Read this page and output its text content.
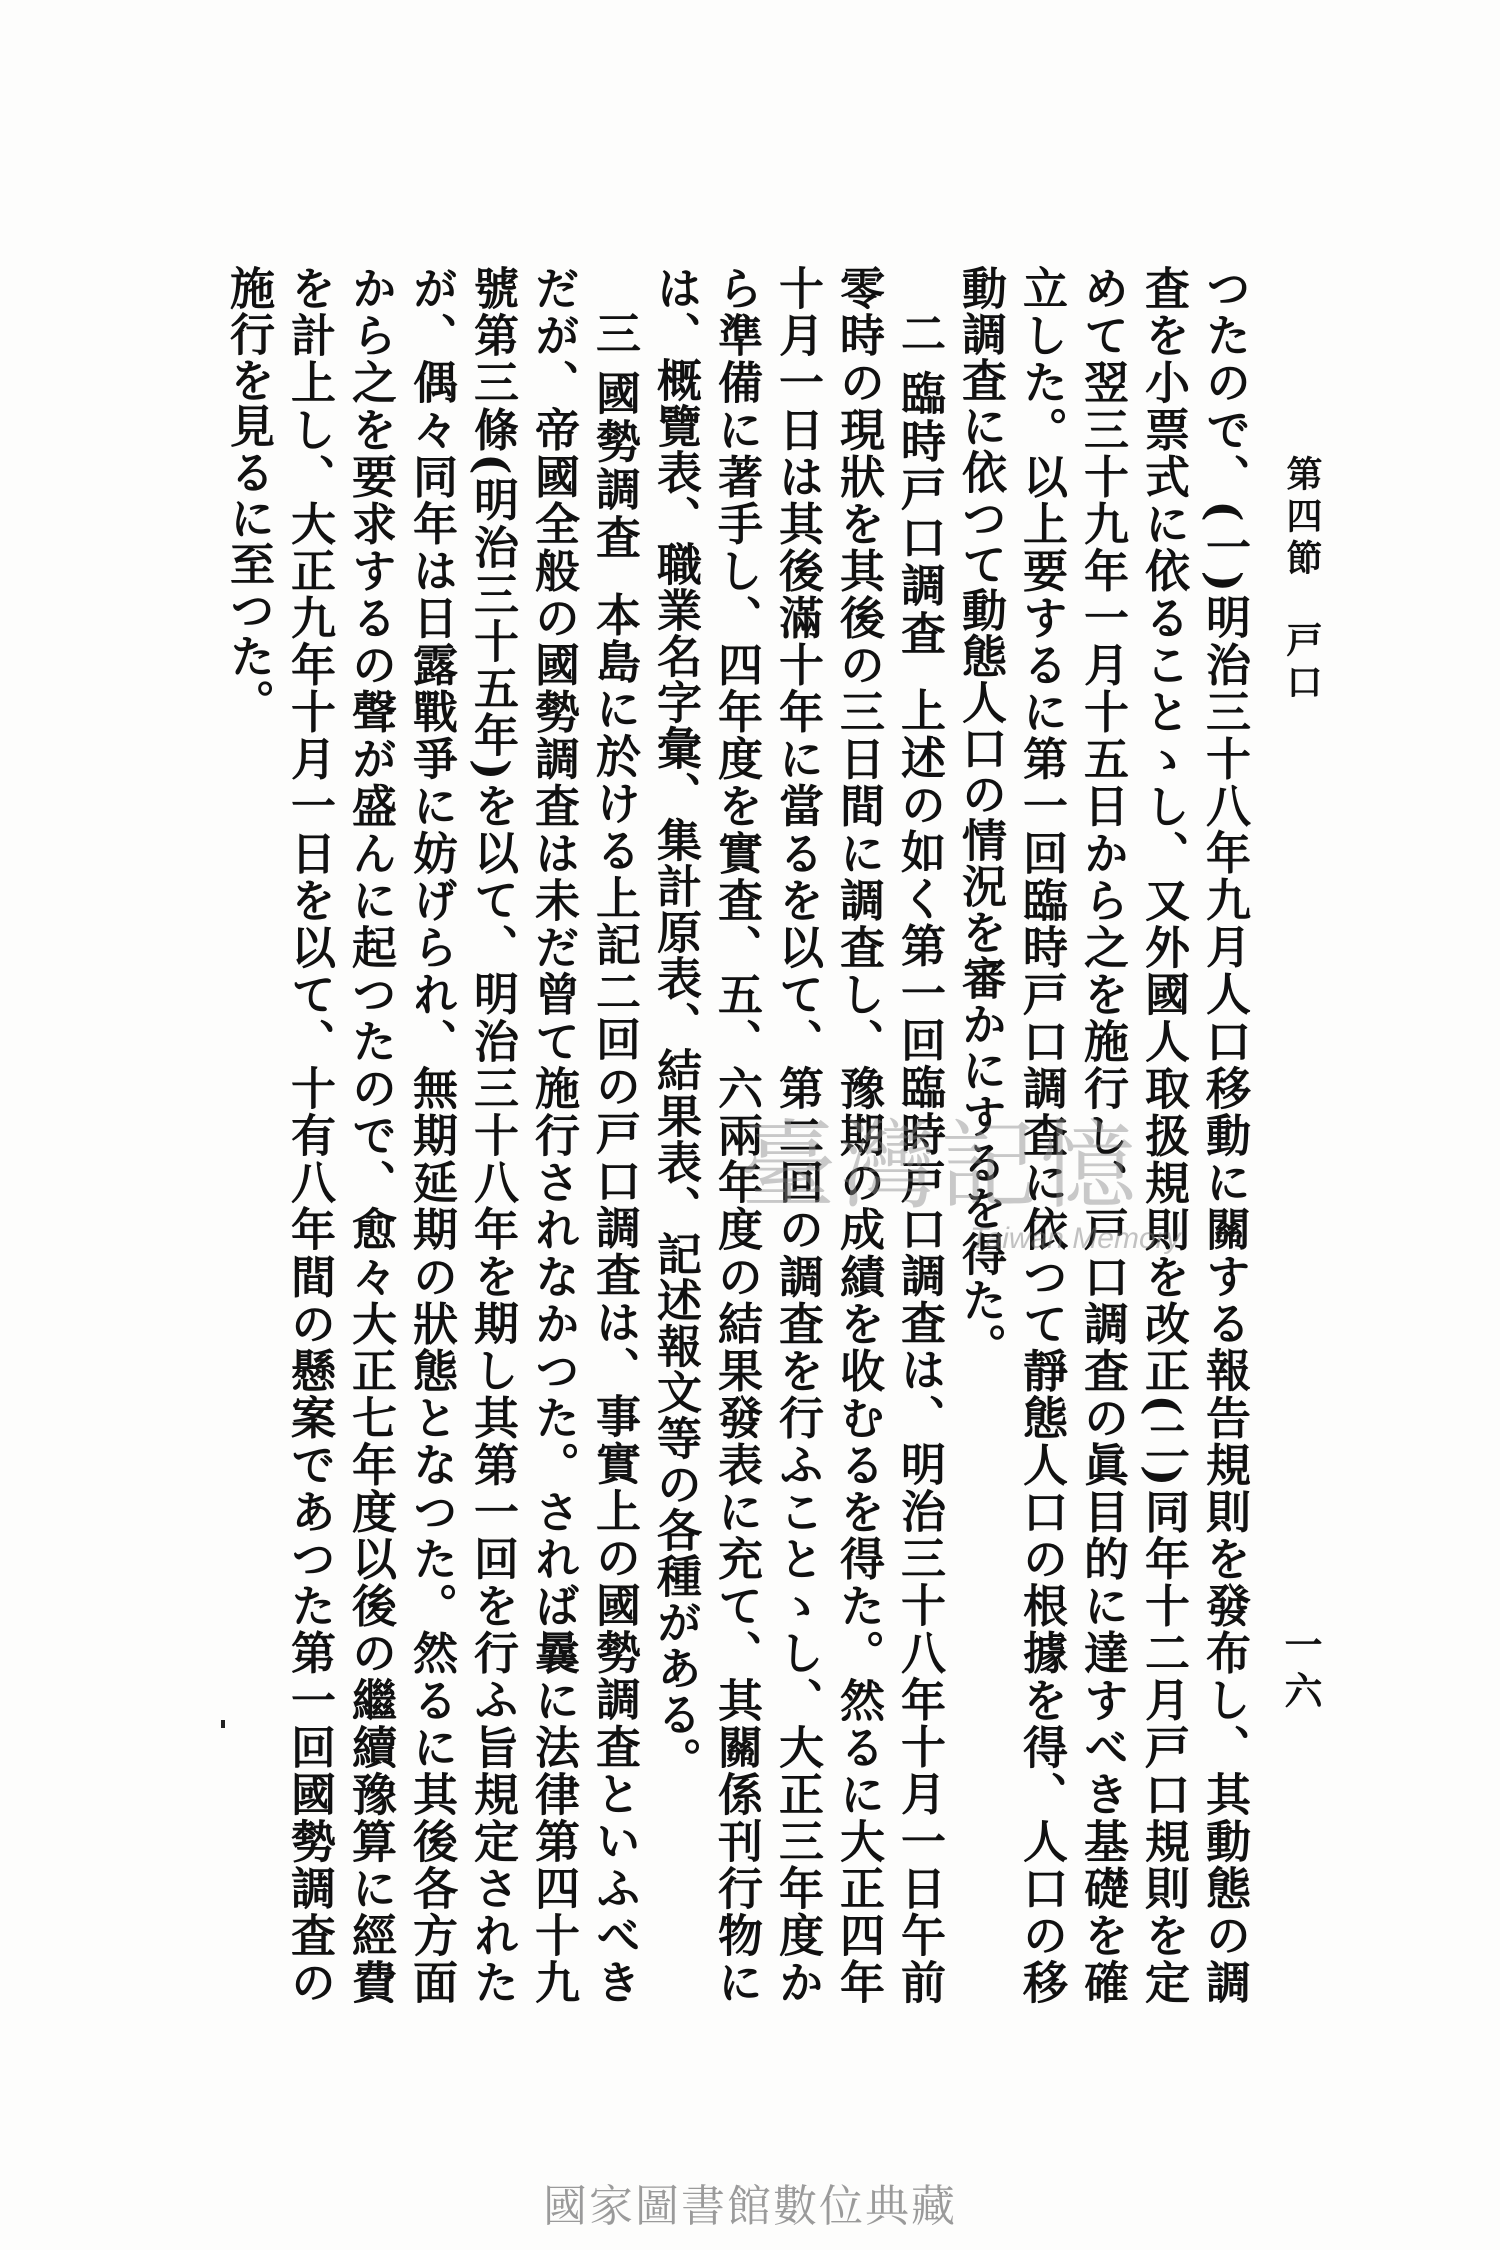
第四節戸口
一六

つたので、(一)明治三十八年九月人口移動に關する報告規則を發布し、其動態の調査を小票式に依ることゝし、又外國人取扱規則を改正(二)同年十二月戸口規則を定めて翌三十九年一月十五日から之を施行し、戸口調査の眞目的に達すべき基礎を確立した。以上要するに第一回臨時戸口調査に依つて靜態人口の根據を得、人口の移動調査に依つて動態人口の情況を審かにするを得た。

二臨時戸口調査上述の如く第一回臨時戸口調査は、明治三十八年十月一日午前零時の現狀を其後の三日間に調査し、豫期の成績を收むるを得た。然るに大正四年十月一日は其後滿十年に當るを以て、第二回の調査を行ふことゝし、大正三年度から準備に著手し、四年度を實査、五、六兩年度の結果發表に充て、其關係刊行物には、概覽表、職業名字彙、集計原表、結果表、記述報文等の各種がある。

三國勢調査本島に於ける上記二回の戸口調査は、事實上の國勢調査といふべきだが、帝國全般の國勢調査は未だ曾て施行されなかつた。されば曩に法律第四十九號第三條(明治三十五年)を以て、明治三十八年を期し其第一回を行ふ旨規定されたが、偶々同年は日露戰爭に妨げられ、無期延期の狀態となつた。然るに其後各方面から之を要求するの聲が盛んに起つたので、愈々大正七年度以後の繼續豫算に經費を計上し、大正九年十月一日を以て、十有八年間の懸案であつた第一回國勢調査の施行を見るに至つた。

臺灣記憶
Taiwan Memory
國家圖書館數位典藏
